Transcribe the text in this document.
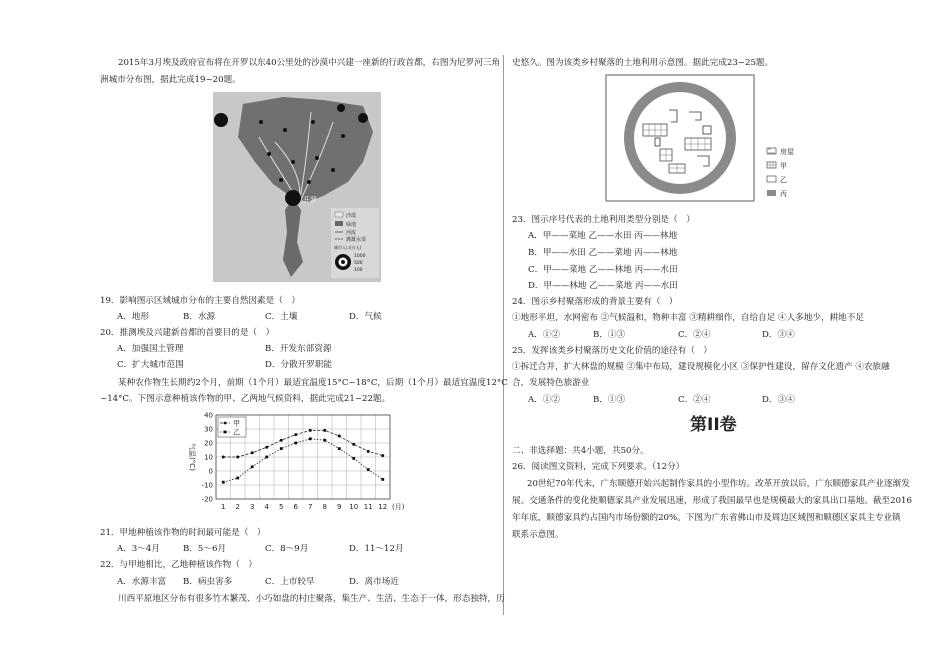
2015年3月埃及政府宣布将在开罗以东40公里处的沙漠中兴建一座新的行政首都，右图为尼罗河三角
洲城市分布图，据此完成19~20题。
开罗
沙漠
绿地
河流
灌溉水渠
城市人口(万人)
1000
500
100
19．影响图示区域城市分布的主要自然因素是（　）
A．地形	B．水源	C．土壤	D．气候
20．推测埃及兴建新首都的首要目的是（　）
A．加强国土管理	B．开发东部资源
C．扩大城市范围	D．分散开罗职能
某种农作物生长期约2个月，前期（1个月）最适宜温度15°C~18°C，后期（1个月）最适宜温度12°C
~14°C。下图示意种植该作物的甲、乙两地气候资料，据此完成21~22题。
40
30
20
10
0
-10
-20
1 2 3 4 5 6 7 8 9 10 11 12 (月)
气温(°C)
甲
乙
21．甲地种植该作物的时间最可能是（　）
A．3～4月	B．5～6月	C．8～9月	D．11～12月
22．与甲地相比，乙地种植该作物（　）
A．水源丰富 B．病虫害多	C．上市较早	D．离市场近
川西平原地区分布有很多竹木繁茂、小巧如盘的村庄聚落，集生产、生活、生态于一体，形态独特，历
史悠久。图为该类乡村聚落的土地利用示意图。据此完成23~25题。
房屋
甲
乙
丙
23．图示序号代表的土地利用类型分别是（　）
A．甲——菜地 乙——水田 丙——林地
B．甲——水田 乙——菜地 丙——林地
C．甲——菜地 乙——林地 丙——水田
D．甲——林地 乙——菜地 丙——水田
24．图示乡村聚落形成的背景主要有（　）
①地形平坦，水网密布 ②气候温和，物种丰富 ③精耕细作，自给自足 ④人多地少，耕地不足
A．①②	B．①③	C．②④	D．③④
25．发挥该类乡村聚落历史文化价值的途径有（　）
①拆迁合并，扩大林盘的规模 ②集中布局，建设规模化小区 ③保护性建设，留存文化遗产 ④农旅融
合，发展特色旅游业
A．①②	B．①③	C．②④	D．③④
第II卷
二、非选择题：共4小题，共50分。
26．阅读图文资料，完成下列要求。（12分）
20世纪70年代末，广东顺德开始兴起制作家具的小型作坊。改革开放以后，广东顺德家具产业逐渐发
展。交通条件的变化使顺德家具产业发展迅速，形成了我国最早也是规模最大的家具出口基地。截至2016
年年底，顺德家具约占国内市场份额的20%。下图为广东省佛山市及周边区域图和顺德区家具主专业镇
联系示意图。
